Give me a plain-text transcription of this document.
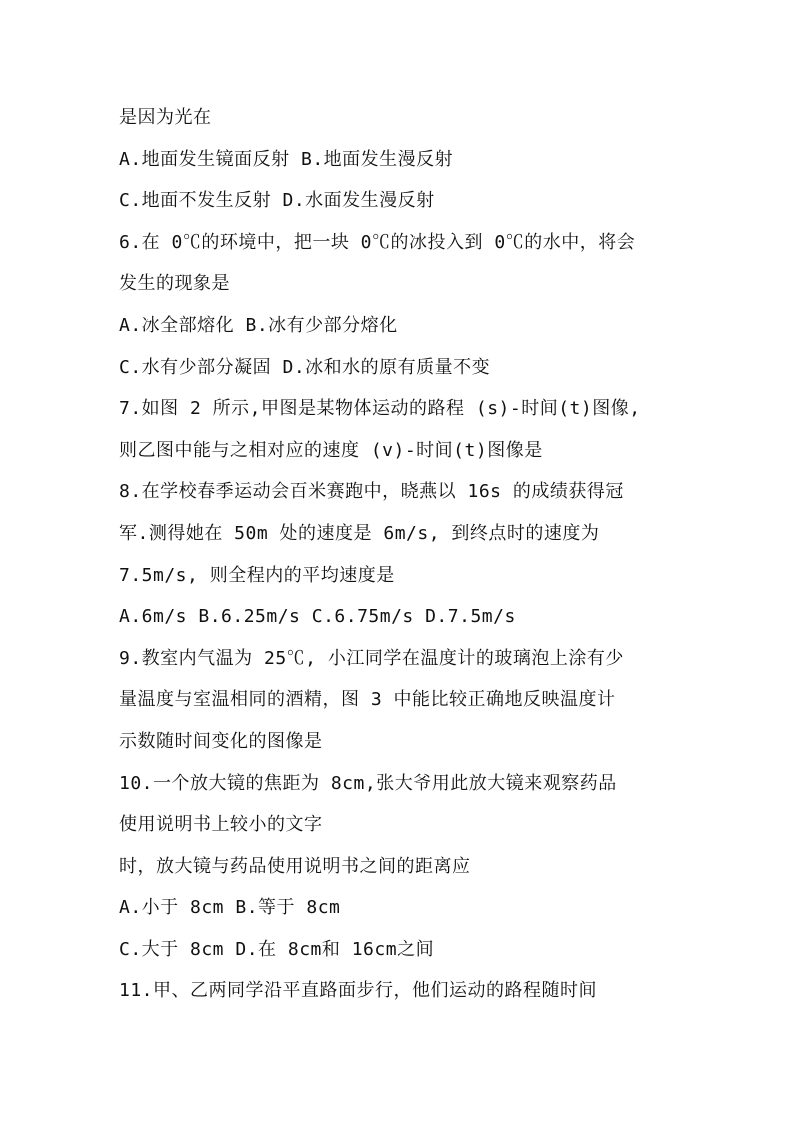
是因为光在
A.地面发生镜面反射 B.地面发生漫反射
C.地面不发生反射 D.水面发生漫反射
6.在 0℃的环境中，把一块 0℃的冰投入到 0℃的水中，将会
发生的现象是
A.冰全部熔化 B.冰有少部分熔化
C.水有少部分凝固 D.冰和水的原有质量不变
7.如图 2 所示,甲图是某物体运动的路程 (s)-时间(t)图像,
则乙图中能与之相对应的速度 (v)-时间(t)图像是
8.在学校春季运动会百米赛跑中，晓燕以 16s 的成绩获得冠
军.测得她在 50m 处的速度是 6m/s, 到终点时的速度为
7.5m/s, 则全程内的平均速度是
A.6m/s B.6.25m/s C.6.75m/s D.7.5m/s
9.教室内气温为 25℃, 小江同学在温度计的玻璃泡上涂有少
量温度与室温相同的酒精，图 3 中能比较正确地反映温度计
示数随时间变化的图像是
10.一个放大镜的焦距为 8cm,张大爷用此放大镜来观察药品
使用说明书上较小的文字
时，放大镜与药品使用说明书之间的距离应
A.小于 8cm B.等于 8cm
C.大于 8cm D.在 8cm和 16cm之间
11.甲、乙两同学沿平直路面步行，他们运动的路程随时间
